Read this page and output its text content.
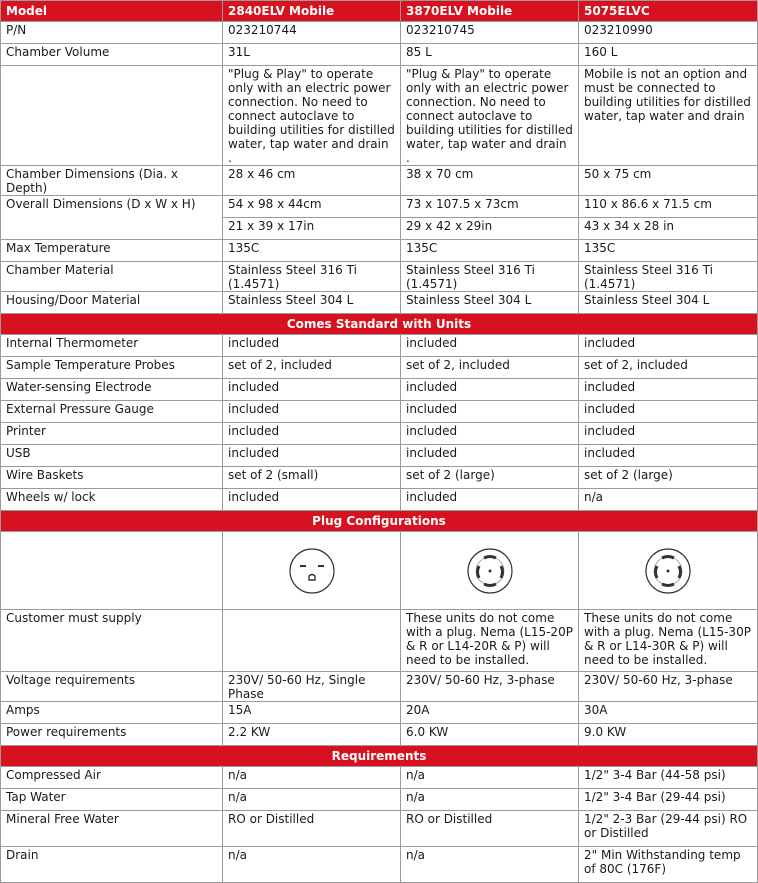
Model	2840ELV Mobile	3870ELV Mobile	5075ELVC
P/N	023210744	023210745	023210990
Chamber Volume	31L	85 L	160 L
	"Plug & Play" to operate only with an electric power connection. No need to connect autoclave to building utilities for distilled water, tap water and drain .	"Plug & Play" to operate only with an electric power connection. No need to connect autoclave to building utilities for distilled water, tap water and drain .	Mobile is not an option and must be connected to building utilities for distilled water, tap water and drain
Chamber Dimensions (Dia. x Depth)	28 x 46 cm	38 x 70 cm	50 x 75 cm
Overall Dimensions (D x W x H)	54 x 98 x 44cm	73 x 107.5 x 73cm	110 x 86.6 x 71.5 cm
	21 x 39 x 17in	29 x 42 x 29in	43 x 34 x 28 in
Max Temperature	135C	135C	135C
Chamber Material	Stainless Steel 316 Ti (1.4571)	Stainless Steel 316 Ti (1.4571)	Stainless Steel 316 Ti (1.4571)
Housing/Door Material	Stainless Steel 304 L	Stainless Steel 304 L	Stainless Steel 304 L
Comes Standard with Units			
Internal Thermometer	included	included	included
Sample Temperature Probes	set of 2, included	set of 2, included	set of 2, included
Water-sensing Electrode	included	included	included
External Pressure Gauge	included	included	included
Printer	included	included	included
USB	included	included	included
Wire Baskets	set of 2 (small)	set of 2 (large)	set of 2 (large)
Wheels w/ lock	included	included	n/a
Plug Configurations			

Customer must supply		These units do not come with a plug. Nema (L15-20P & R or L14-20R & P) will need to be installed.	These units do not come with a plug. Nema (L15-30P & R or L14-30R & P) will need to be installed.
Voltage requirements	230V/ 50-60 Hz, Single Phase	230V/ 50-60 Hz, 3-phase	230V/ 50-60 Hz, 3-phase
Amps	15A	20A	30A
Power requirements	2.2 KW	6.0 KW	9.0 KW
Requirements			
Compressed Air	n/a	n/a	1/2" 3-4 Bar (44-58 psi)
Tap Water	n/a	n/a	1/2" 3-4 Bar (29-44 psi)
Mineral Free Water	RO or Distilled	RO or Distilled	1/2" 2-3 Bar (29-44 psi) RO or Distilled
Drain	n/a	n/a	2" Min Withstanding temp of 80C (176F)
